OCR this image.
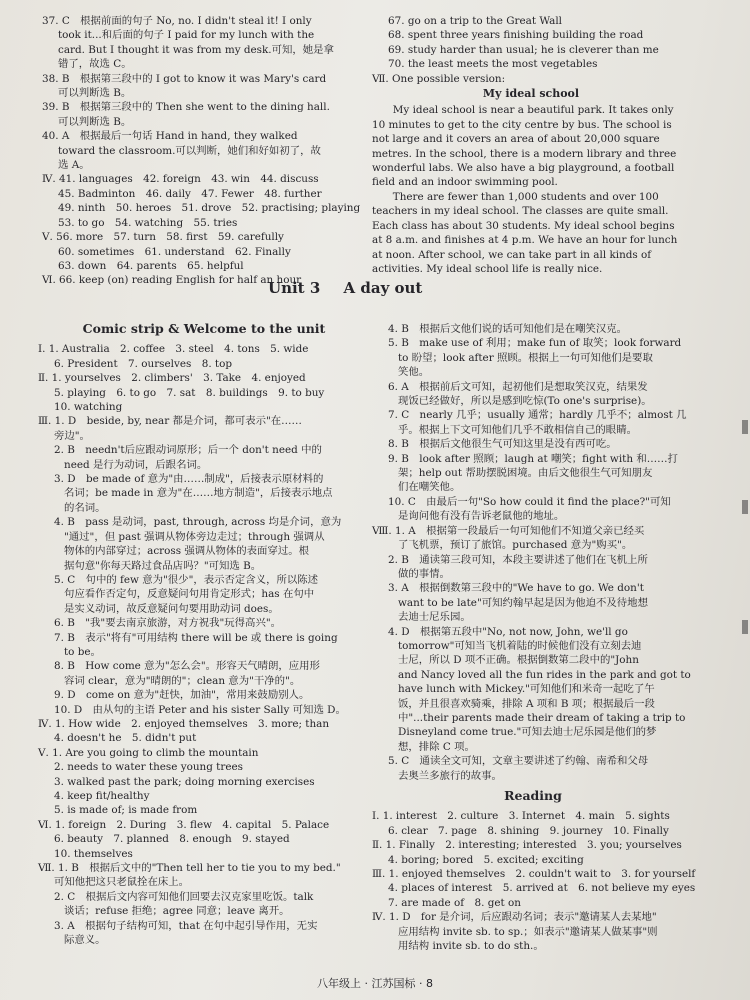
37. C　根据前面的句子 No, no. I didn't steal it! I only
took it...和后面的句子 I paid for my lunch with the
card. But I thought it was from my desk.可知，她是拿
错了，故选 C。
38. B　根据第三段中的 I got to know it was Mary's card
可以判断选 B。
39. B　根据第三段中的 Then she went to the dining hall.
可以判断选 B。
40. A　根据最后一句话 Hand in hand, they walked
toward the classroom.可以判断，她们和好如初了，故
选 A。
Ⅳ. 41. languages　42. foreign　43. win　44. discuss
45. Badminton　46. daily　47. Fewer　48. further
49. ninth　50. heroes　51. drove　52. practising; playing
53. to go　54. watching　55. tries
Ⅴ. 56. more　57. turn　58. first　59. carefully
60. sometimes　61. understand　62. Finally
63. down　64. parents　65. helpful
Ⅵ. 66. keep (on) reading English for half an hour
67. go on a trip to the Great Wall
68. spent three years finishing building the road
69. study harder than usual; he is cleverer than me
70. the least meets the most vegetables
Ⅶ. One possible version:
My ideal school
　　My ideal school is near a beautiful park. It takes only
10 minutes to get to the city centre by bus. The school is
not large and it covers an area of about 20,000 square
metres. In the school, there is a modern library and three
wonderful labs. We also have a big playground, a football
field and an indoor swimming pool.
　　There are fewer than 1,000 students and over 100
teachers in my ideal school. The classes are quite small.
Each class has about 30 students. My ideal school begins
at 8 a.m. and finishes at 4 p.m. We have an hour for lunch
at noon. After school, we can take part in all kinds of
activities. My ideal school life is really nice.
Unit 3 A day out
Comic strip & Welcome to the unit
Ⅰ. 1. Australia　2. coffee　3. steel　4. tons　5. wide
6. President　7. ourselves　8. top
Ⅱ. 1. yourselves　2. climbers'　3. Take　4. enjoyed
5. playing　6. to go　7. sat　8. buildings　9. to buy
10. watching
Ⅲ. 1. D　beside, by, near 都是介词，都可表示"在……
旁边"。
2. B　needn't后应跟动词原形；后一个 don't need 中的
need 是行为动词，后跟名词。
3. D　be made of 意为"由……制成"，后接表示原材料的
名词；be made in 意为"在……地方制造"，后接表示地点
的名词。
4. B　pass 是动词，past, through, across 均是介词，意为
"通过"，但 past 强调从物体旁边走过；through 强调从
物体的内部穿过；across 强调从物体的表面穿过。根
据句意"你每天路过食品店吗？"可知选 B。
5. C　句中的 few 意为"很少"，表示否定含义，所以陈述
句应看作否定句，反意疑问句用肯定形式；has 在句中
是实义动词，故反意疑问句要用助动词 does。
6. B　"我"要去南京旅游，对方祝我"玩得高兴"。
7. B　表示"将有"可用结构 there will be 或 there is going
to be。
8. B　How come 意为"怎么会"。形容天气晴朗，应用形
容词 clear，意为"晴朗的"；clean 意为"干净的"。
9. D　come on 意为"赶快，加油"，常用来鼓励别人。
10. D　由从句的主语 Peter and his sister Sally 可知选 D。
Ⅳ. 1. How wide　2. enjoyed themselves　3. more; than
4. doesn't he　5. didn't put
Ⅴ. 1. Are you going to climb the mountain
2. needs to water these young trees
3. walked past the park; doing morning exercises
4. keep fit/healthy
5. is made of; is made from
Ⅵ. 1. foreign　2. During　3. flew　4. capital　5. Palace
6. beauty　7. planned　8. enough　9. stayed
10. themselves
Ⅶ. 1. B　根据后文中的"Then tell her to tie you to my bed."
可知他把这只老鼠拴在床上。
2. C　根据后文内容可知他们回要去汉克家里吃饭。talk
谈话；refuse 拒绝；agree 同意；leave 离开。
3. A　根据句子结构可知，that 在句中起引导作用，无实
际意义。
4. B　根据后文他们说的话可知他们是在嘲笑汉克。
5. B　make use of 利用；make fun of 取笑；look forward
to 盼望；look after 照顾。根据上一句可知他们是要取
笑他。
6. A　根据前后文可知，起初他们是想取笑汉克，结果发
现饭已经做好，所以是感到吃惊(To one's surprise)。
7. C　nearly 几乎；usually 通常；hardly 几乎不；almost 几
乎。根据上下文可知他们几乎不敢相信自己的眼睛。
8. B　根据后文他很生气可知这里是没有西可吃。
9. B　look after 照顾；laugh at 嘲笑；fight with 和……打
架；help out 帮助摆脱困境。由后文他很生气可知朋友
们在嘲笑他。
10. C　由最后一句"So how could it find the place?"可知
是询问他有没有告诉老鼠他的地址。
Ⅷ. 1. A　根据第一段最后一句可知他们不知道父亲已经买
了飞机票，预订了旅馆。purchased 意为"购买"。
2. B　通读第三段可知，本段主要讲述了他们在飞机上所
做的事情。
3. A　根据倒数第三段中的"We have to go. We don't
want to be late"可知约翰早起是因为他迫不及待地想
去迪士尼乐园。
4. D　根据第五段中"No, not now, John, we'll go
tomorrow"可知当飞机着陆的时候他们没有立刻去迪
士尼，所以 D 项不正确。根据倒数第二段中的"John
and Nancy loved all the fun rides in the park and got to
have lunch with Mickey."可知他们和米奇一起吃了午
饭，并且很喜欢骑乘，排除 A 项和 B 项；根据最后一段
中"...their parents made their dream of taking a trip to
Disneyland come true."可知去迪士尼乐园是他们的梦
想，排除 C 项。
5. C　通读全文可知，文章主要讲述了约翰、南希和父母
去奥兰多旅行的故事。
Reading
Ⅰ. 1. interest　2. culture　3. Internet　4. main　5. sights
6. clear　7. page　8. shining　9. journey　10. Finally
Ⅱ. 1. Finally　2. interesting; interested　3. you; yourselves
4. boring; bored　5. excited; exciting
Ⅲ. 1. enjoyed themselves　2. couldn't wait to　3. for yourself
4. places of interest　5. arrived at　6. not believe my eyes
7. are made of　8. get on
Ⅳ. 1. D　for 是介词，后应跟动名词；表示"邀请某人去某地"
应用结构 invite sb. to sp.；如表示"邀请某人做某事"则
用结构 invite sb. to do sth.。
八年级上 · 江苏国标 · 8
